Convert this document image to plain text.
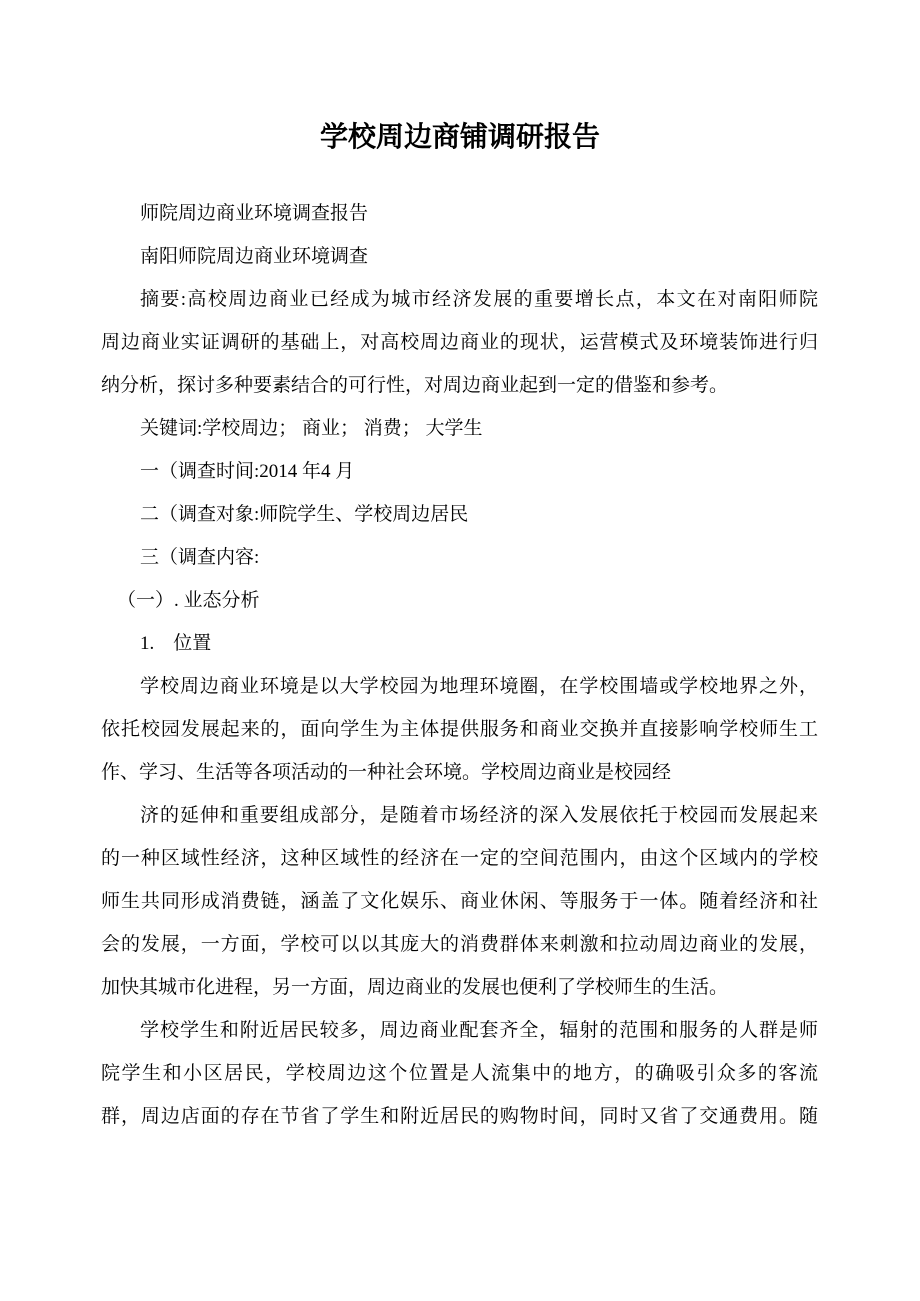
学校周边商铺调研报告
师院周边商业环境调查报告
南阳师院周边商业环境调查
摘要:高校周边商业已经成为城市经济发展的重要增长点，本文在对南阳师院
周边商业实证调研的基础上，对高校周边商业的现状，运营模式及环境装饰进行归
纳分析，探讨多种要素结合的可行性，对周边商业起到一定的借鉴和参考。
关键词:学校周边； 商业； 消费； 大学生
一（调查时间:2014 年4 月
二（调查对象:师院学生、学校周边居民
三（调查内容:
（一）. 业态分析
1.    位置
学校周边商业环境是以大学校园为地理环境圈，在学校围墙或学校地界之外，
依托校园发展起来的，面向学生为主体提供服务和商业交换并直接影响学校师生工
作、学习、生活等各项活动的一种社会环境。学校周边商业是校园经
济的延伸和重要组成部分，是随着市场经济的深入发展依托于校园而发展起来
的一种区域性经济，这种区域性的经济在一定的空间范围内，由这个区域内的学校
师生共同形成消费链，涵盖了文化娱乐、商业休闲、等服务于一体。随着经济和社
会的发展，一方面，学校可以以其庞大的消费群体来刺激和拉动周边商业的发展，
加快其城市化进程，另一方面，周边商业的发展也便利了学校师生的生活。
学校学生和附近居民较多，周边商业配套齐全，辐射的范围和服务的人群是师
院学生和小区居民，学校周边这个位置是人流集中的地方，的确吸引众多的客流
群，周边店面的存在节省了学生和附近居民的购物时间，同时又省了交通费用。随
